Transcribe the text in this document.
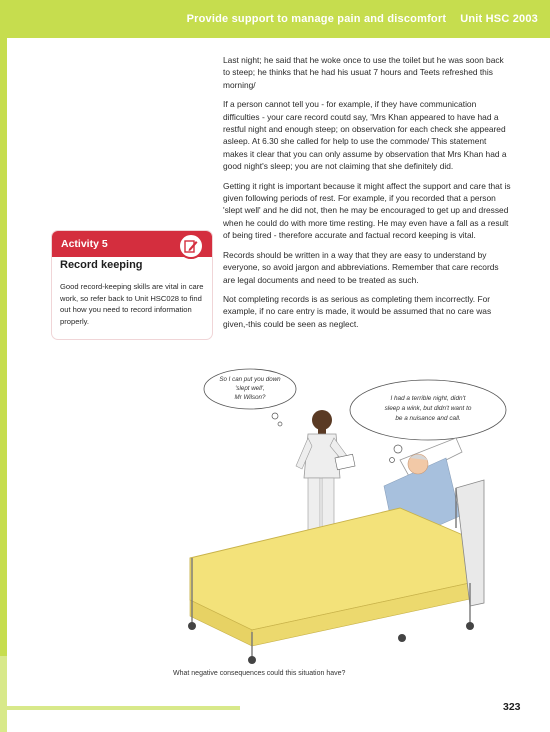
Provide support to manage pain and discomfort Unit HSC 2003

Last night; he said that he woke once to use the toilet but he was soon back to steep; he thinks that he had his usuat 7 hours and Teets refreshed this morning/

If a person cannot tell you - for example, if they have communication difficulties - your care record coutd say, 'Mrs Khan appeared to have had a restful night and enough steep; on observation for each check she appeared asleep. At 6.30 she called for help to use the commode/ This statement makes it clear that you can only assume by observation that Mrs Khan had a good night's sleep; you are not claiming that she definitely did.

Getting it right is important because it might affect the support and care that is given following periods of rest. For example, if you recorded that a person 'slept well' and he did not, then he may be encouraged to get up and dressed when he could do with more time resting. He may even have a fall as a result of being tired - therefore accurate and factual record keeping is vital.

Records should be written in a way that they are easy to understand by everyone, so avoid jargon and abbreviations. Remember that care records are legal documents and need to be treated as such.

Not completing records is as serious as completing them incorrectly. For example, if no care entry is made, it would be assumed that no care was given,-this could be seen as neglect.

Activity 5
Record keeping
Good record-keeping skills are vital in care work, so refer back to Unit HSC028 to find out how you need to record information properly.
So I can put you down
'slept well',
Mr Wilson?	I had a terrible night, didn't
sleep a wink, but didn't want to
be a nuisance and call.
What negative consequences could this situation have?
323
